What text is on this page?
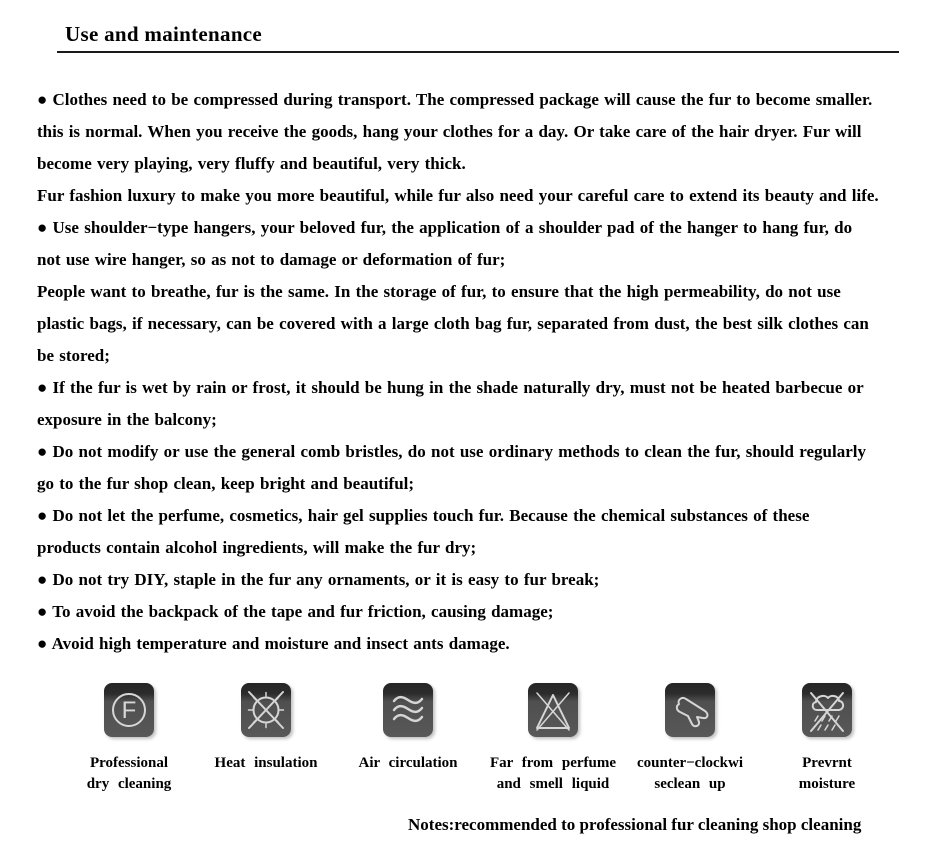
Use and maintenance
● Clothes need to be compressed during transport. The compressed package will cause the fur to become smaller.
this is normal. When you receive the goods, hang your clothes for a day. Or take care of the hair dryer. Fur will
become very playing, very fluffy and beautiful, very thick.
Fur fashion luxury to make you more beautiful, while fur also need your careful care to extend its beauty and life.
● Use shoulder−type hangers, your beloved fur, the application of a shoulder pad of the hanger to hang fur, do
not use wire hanger, so as not to damage or deformation of fur;
People want to breathe, fur is the same. In the storage of fur, to ensure that the high permeability, do not use
plastic bags, if necessary, can be covered with a large cloth bag fur, separated from dust, the best silk clothes can
be stored;
● If the fur is wet by rain or frost, it should be hung in the shade naturally dry, must not be heated barbecue or
exposure in the balcony;
● Do not modify or use the general comb bristles, do not use ordinary methods to clean the fur, should regularly
go to the fur shop clean, keep bright and beautiful;
● Do not let the perfume, cosmetics, hair gel supplies touch fur. Because the chemical substances of these
products contain alcohol ingredients, will make the fur dry;
● Do not try DIY, staple in the fur any ornaments, or it is easy to fur break;
● To avoid the backpack of the tape and fur friction, causing damage;
● Avoid high temperature and moisture and insect ants damage.
F
Professional
dry cleaning
Heat insulation	Air circulation	Far from perfume
and smell liquid
counter−clockwi
seclean up
Prevrnt
moisture
Notes:recommended to professional fur cleaning shop cleaning
